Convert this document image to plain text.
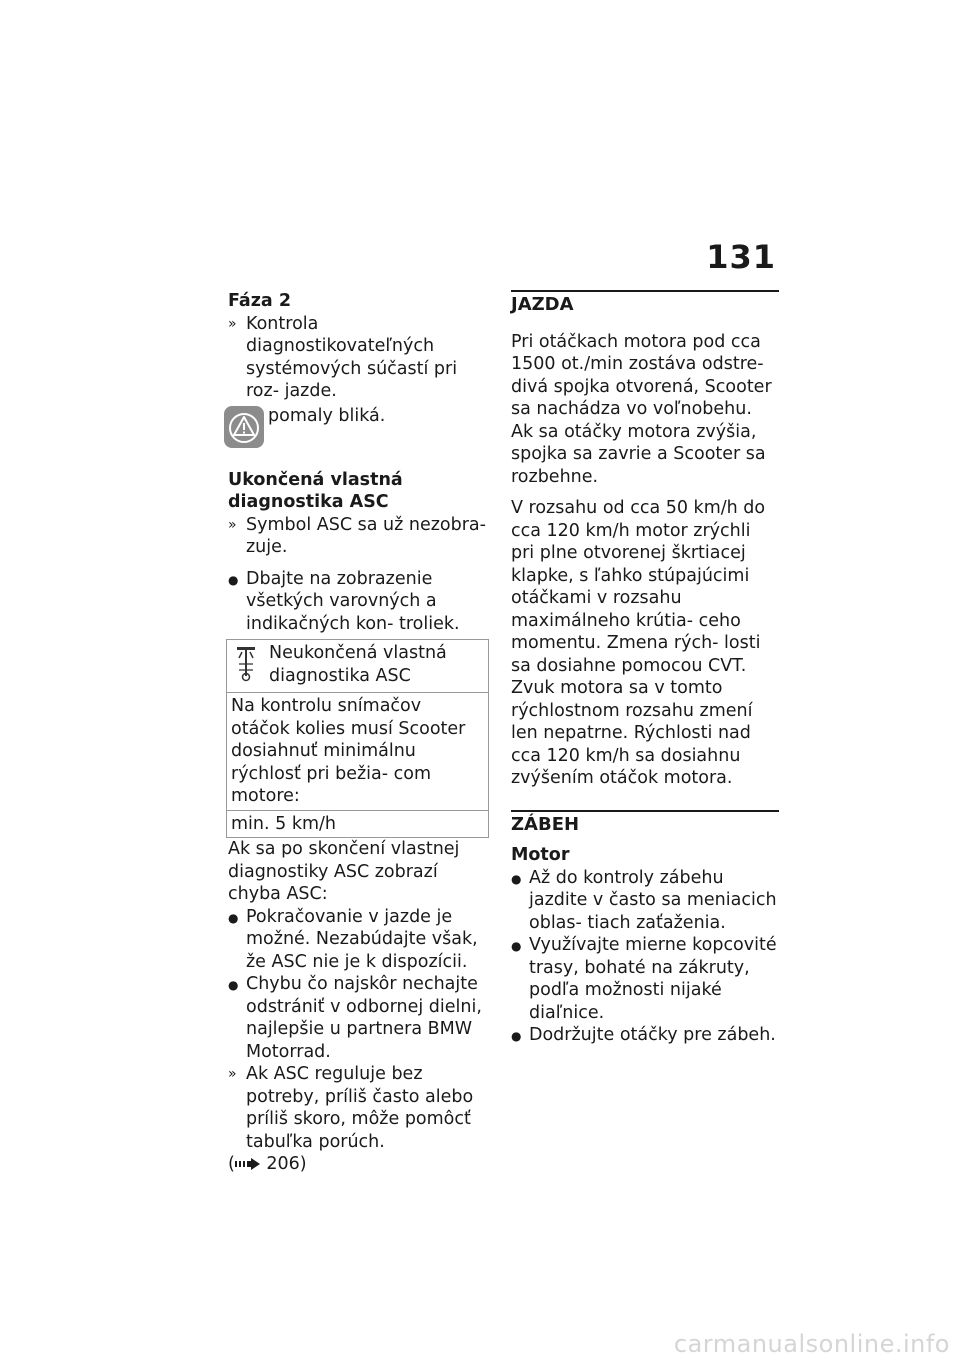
131

Fáza 2

» Kontrola diagnostikovateľných systémových súčastí pri roz- jazde.
pomaly bliká.

Ukončená vlastná diagnostika ASC

» Symbol ASC sa už nezobra- zuje.
● Dbajte na zobrazenie všetkých varovných a indikačných kon- troliek.
Neukončená vlastná diagnostika ASC
Na kontrolu snímačov otáčok kolies musí Scooter dosiahnuť minimálnu rýchlosť pri bežia- com motore:
min. 5 km/h

Ak sa po skončení vlastnej diagnostiky ASC zobrazí chyba ASC:

● Pokračovanie v jazde je možné. Nezabúdajte však, že ASC nie je k dispozícii.
● Chybu čo najskôr nechajte odstrániť v odbornej dielni, najlepšie u partnera BMW Motorrad.
» Ak ASC reguluje bez potreby, príliš často alebo príliš skoro, môže pomôcť tabuľka porúch.
( 206)

JAZDA

Pri otáčkach motora pod cca 1500 ot./min zostáva odstre- divá spojka otvorená, Scooter sa nachádza vo voľnobehu. Ak sa otáčky motora zvýšia, spojka sa zavrie a Scooter sa rozbehne.

V rozsahu od cca 50 km/h do cca 120 km/h motor zrýchli pri plne otvorenej škrtiacej klapke, s ľahko stúpajúcimi otáčkami v rozsahu maximálneho krútia- ceho momentu. Zmena rých- losti sa dosiahne pomocou CVT. Zvuk motora sa v tomto rýchlostnom rozsahu zmení len nepatrne. Rýchlosti nad cca 120 km/h sa dosiahnu zvýšením otáčok motora.

ZÁBEH

Motor

● Až do kontroly zábehu jazdite v často sa meniacich oblas- tiach zaťaženia.
● Využívajte mierne kopcovité trasy, bohaté na zákruty, podľa možnosti nijaké diaľnice.
● Dodržujte otáčky pre zábeh.
carmanualsonline.info
